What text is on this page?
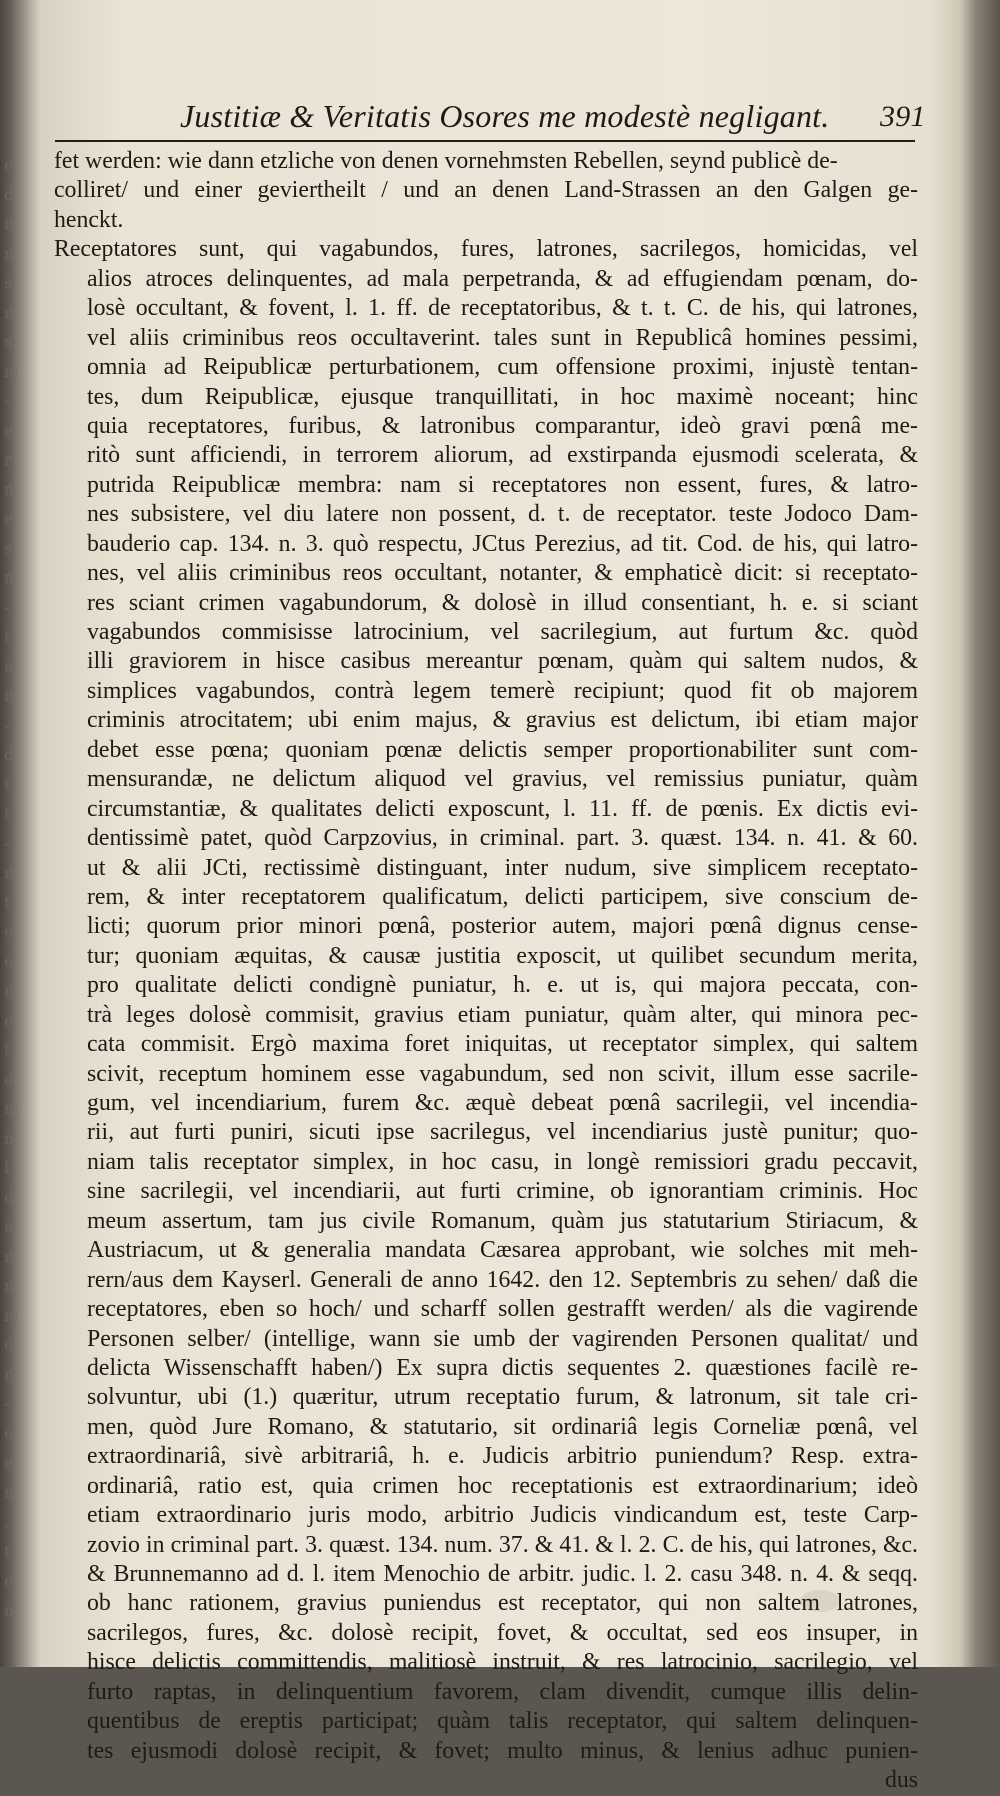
e
d
n
n
s
n
s
m
-
e
r
n
e
s
n
-
t
e
n
-
d
t
t
-
n
t
e
e
n
e
t
e
m
n
l
d
e
n
n
m
e
n
-
e
e
n
.
t
e
n
Justitiæ & Veritatis Osores me modestè negligant. 391
fet werden: wie dann etzliche von denen vornehmsten Rebellen, seynd publicè de-
colliret/ und einer geviertheilt / und an denen Land-Strassen an den Galgen ge-
henckt.
Receptatores sunt, qui vagabundos, fures, latrones, sacrilegos, homicidas, vel
alios atroces delinquentes, ad mala perpetranda, & ad effugiendam pœnam, do-
losè occultant, & fovent, l. 1. ff. de receptatoribus, & t. t. C. de his, qui latrones,
vel aliis criminibus reos occultaverint. tales sunt in Republicâ homines pessimi,
omnia ad Reipublicæ perturbationem, cum offensione proximi, injustè tentan-
tes, dum Reipublicæ, ejusque tranquillitati, in hoc maximè noceant; hinc
quia receptatores, furibus, & latronibus comparantur, ideò gravi pœnâ me-
ritò sunt afficiendi, in terrorem aliorum, ad exstirpanda ejusmodi scelerata, &
putrida Reipublicæ membra: nam si receptatores non essent, fures, & latro-
nes subsistere, vel diu latere non possent, d. t. de receptator. teste Jodoco Dam-
bauderio cap. 134. n. 3. quò respectu, JCtus Perezius, ad tit. Cod. de his, qui latro-
nes, vel aliis criminibus reos occultant, notanter, & emphaticè dicit: si receptato-
res sciant crimen vagabundorum, & dolosè in illud consentiant, h. e. si sciant
vagabundos commisisse latrocinium, vel sacrilegium, aut furtum &c. quòd
illi graviorem in hisce casibus mereantur pœnam, quàm qui saltem nudos, &
simplices vagabundos, contrà legem temerè recipiunt; quod fit ob majorem
criminis atrocitatem; ubi enim majus, & gravius est delictum, ibi etiam major
debet esse pœna; quoniam pœnæ delictis semper proportionabiliter sunt com-
mensurandæ, ne delictum aliquod vel gravius, vel remissius puniatur, quàm
circumstantiæ, & qualitates delicti exposcunt, l. 11. ff. de pœnis. Ex dictis evi-
dentissimè patet, quòd Carpzovius, in criminal. part. 3. quæst. 134. n. 41. & 60.
ut & alii JCti, rectissimè distinguant, inter nudum, sive simplicem receptato-
rem, & inter receptatorem qualificatum, delicti participem, sive conscium de-
licti; quorum prior minori pœnâ, posterior autem, majori pœnâ dignus cense-
tur; quoniam æquitas, & causæ justitia exposcit, ut quilibet secundum merita,
pro qualitate delicti condignè puniatur, h. e. ut is, qui majora peccata, con-
trà leges dolosè commisit, gravius etiam puniatur, quàm alter, qui minora pec-
cata commisit. Ergò maxima foret iniquitas, ut receptator simplex, qui saltem
scivit, receptum hominem esse vagabundum, sed non scivit, illum esse sacrile-
gum, vel incendiarium, furem &c. æquè debeat pœnâ sacrilegii, vel incendia-
rii, aut furti puniri, sicuti ipse sacrilegus, vel incendiarius justè punitur; quo-
niam talis receptator simplex, in hoc casu, in longè remissiori gradu peccavit,
sine sacrilegii, vel incendiarii, aut furti crimine, ob ignorantiam criminis. Hoc
meum assertum, tam jus civile Romanum, quàm jus statutarium Stiriacum, &
Austriacum, ut & generalia mandata Cæsarea approbant, wie solches mit meh-
rern/aus dem Kayserl. Generali de anno 1642. den 12. Septembris zu sehen/ daß die
receptatores, eben so hoch/ und scharff sollen gestrafft werden/ als die vagirende
Personen selber/ (intellige, wann sie umb der vagirenden Personen qualitat/ und
delicta Wissenschafft haben/) Ex supra dictis sequentes 2. quæstiones facilè re-
solvuntur, ubi (1.) quæritur, utrum receptatio furum, & latronum, sit tale cri-
men, quòd Jure Romano, & statutario, sit ordinariâ legis Corneliæ pœnâ, vel
extraordinariâ, sivè arbitrariâ, h. e. Judicis arbitrio puniendum? Resp. extra-
ordinariâ, ratio est, quia crimen hoc receptationis est extraordinarium; ideò
etiam extraordinario juris modo, arbitrio Judicis vindicandum est, teste Carp-
zovio in criminal part. 3. quæst. 134. num. 37. & 41. & l. 2. C. de his, qui latrones, &c.
& Brunnemanno ad d. l. item Menochio de arbitr. judic. l. 2. casu 348. n. 4. & seqq.
ob hanc rationem, gravius puniendus est receptator, qui non saltem latrones,
sacrilegos, fures, &c. dolosè recipit, fovet, & occultat, sed eos insuper, in
hisce delictis committendis, malitiosè instruit, & res latrocinio, sacrilegio, vel
furto raptas, in delinquentium favorem, clam divendit, cumque illis delin-
quentibus de ereptis participat; quàm talis receptator, qui saltem delinquen-
tes ejusmodi dolosè recipit, & fovet; multo minus, & lenius adhuc punien-
dus
